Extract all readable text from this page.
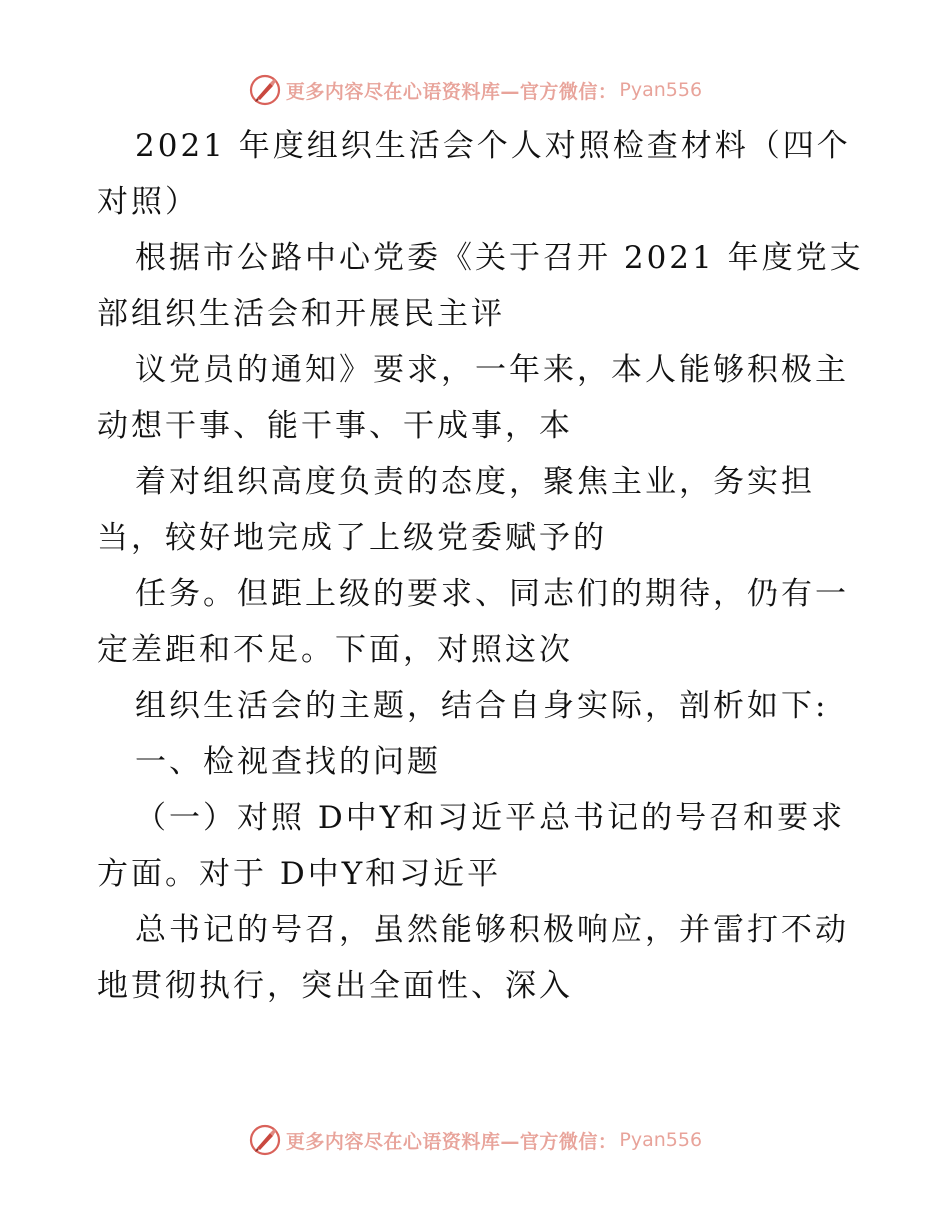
更多内容尽在心语资料库—官方微信： Pyan556
2021 年度组织生活会个人对照检查材料（四个
对照）
根据市公路中心党委《关于召开 2021 年度党支
部组织生活会和开展民主评
议党员的通知》要求，一年来，本人能够积极主
动想干事、能干事、干成事，本
着对组织高度负责的态度，聚焦主业，务实担
当，较好地完成了上级党委赋予的
任务。但距上级的要求、同志们的期待，仍有一
定差距和不足。下面，对照这次
组织生活会的主题，结合自身实际，剖析如下:
一、检视查找的问题
（一）对照 D中Y和习近平总书记的号召和要求
方面。对于 D中Y和习近平
总书记的号召，虽然能够积极响应，并雷打不动
地贯彻执行，突出全面性、深入
更多内容尽在心语资料库—官方微信： Pyan556
